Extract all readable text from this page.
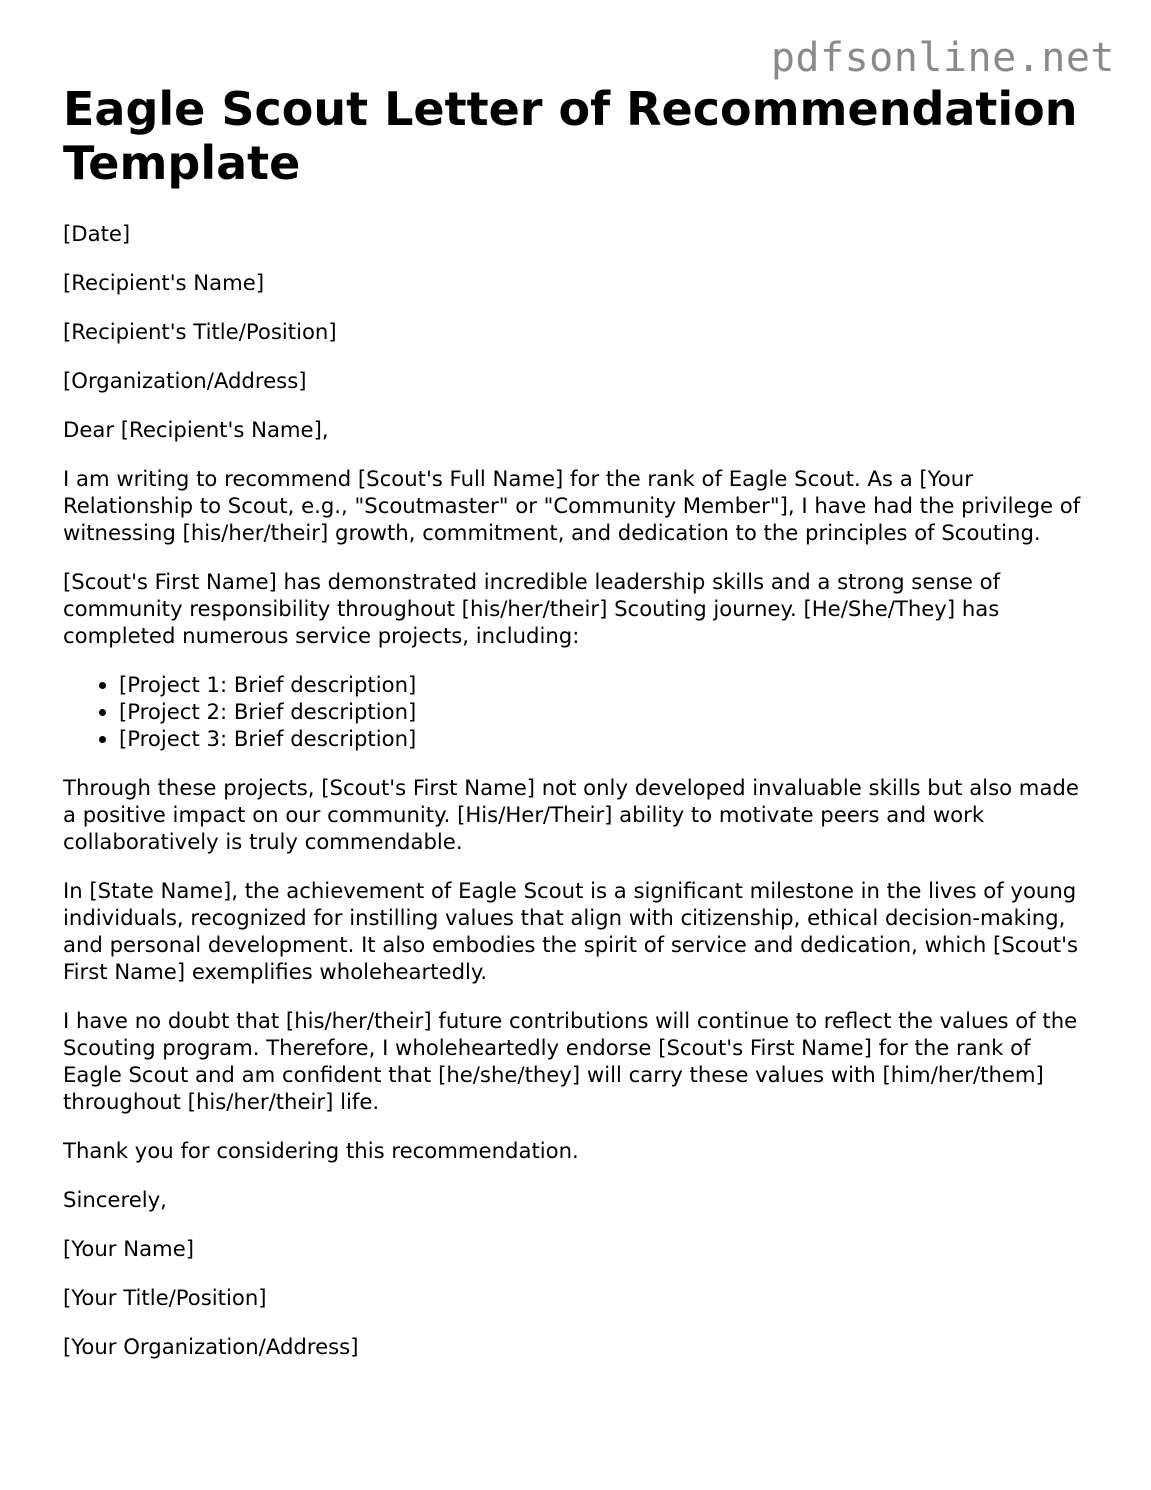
pdfsonline.net
Eagle Scout Letter of Recommendation Template

[Date]

[Recipient's Name]

[Recipient's Title/Position]

[Organization/Address]

Dear [Recipient's Name],

I am writing to recommend [Scout's Full Name] for the rank of Eagle Scout. As a [Your Relationship to Scout, e.g., "Scoutmaster" or "Community Member"], I have had the privilege of witnessing [his/her/their] growth, commitment, and dedication to the principles of Scouting.

[Scout's First Name] has demonstrated incredible leadership skills and a strong sense of community responsibility throughout [his/her/their] Scouting journey. [He/She/They] has completed numerous service projects, including:

• [Project 1: Brief description]
• [Project 2: Brief description]
• [Project 3: Brief description]

Through these projects, [Scout's First Name] not only developed invaluable skills but also made a positive impact on our community. [His/Her/Their] ability to motivate peers and work collaboratively is truly commendable.

In [State Name], the achievement of Eagle Scout is a significant milestone in the lives of young individuals, recognized for instilling values that align with citizenship, ethical decision-making, and personal development. It also embodies the spirit of service and dedication, which [Scout's First Name] exemplifies wholeheartedly.

I have no doubt that [his/her/their] future contributions will continue to reflect the values of the Scouting program. Therefore, I wholeheartedly endorse [Scout's First Name] for the rank of Eagle Scout and am confident that [he/she/they] will carry these values with [him/her/them] throughout [his/her/their] life.

Thank you for considering this recommendation.

Sincerely,

[Your Name]

[Your Title/Position]

[Your Organization/Address]
